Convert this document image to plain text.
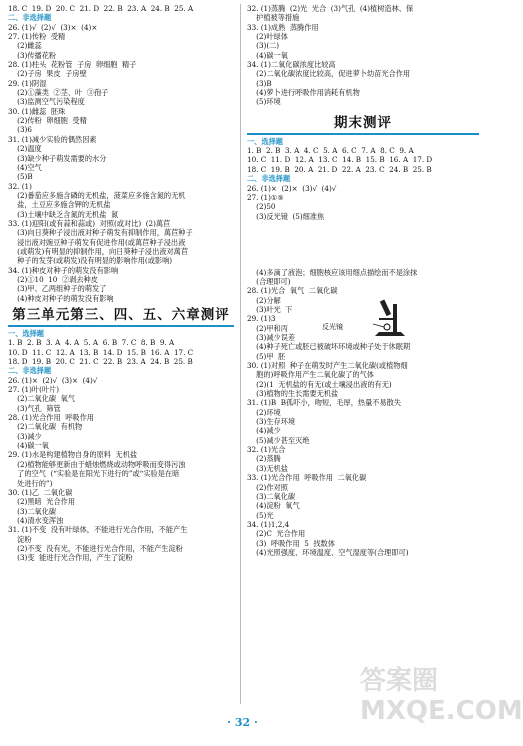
18. C  19. D  20. C  21. D  22. B  23. A  24. B  25. A
二、非选择题
26. (1)√  (2)√  (3)×  (4)×
27. (1)传粉  受精
(2)雌蕊
(3)传播花粉
28. (1)柱头  花粉管  子房  卵细胞  精子
(2)子房  果皮  子房壁
29. (1)阴湿
(2)①藻类  ②茎、叶  ③孢子
(3)监测空气污染程度
30. (1)雌蕊  胚珠
(2)传粉  卵细胞  受精
(3)6
31. (1)减少实验的偶然因素
(2)温度
(3)缺少种子萌发需要的水分
(4)空气
(5)B
32. (1)
(2)番茄应多施含磷的无机盐，菠菜应多施含氮的无机
盐，土豆应多施含钾的无机盐
(3)土壤中缺乏含氮的无机盐  氮
33. (1)迎阳(或有蒜和蒜或)  对照(或对比)  (2)萬苣
(3)向日葵种子浸出液对种子萌发有抑制作用，萬苣种子
浸出液对豌豆种子萌发有促进作用(或萬苣种子浸出液
(或萌发)有明显的抑制作用，向日葵种子浸出液对萬苣
种子的发芽(或萌发)没有明显的影响作用(或影响)
34. (1)种皮对种子的萌发没有影响
(2)①10  10  ②剥去种皮
(3)甲、乙两组种子的萌发了
(4)种皮对种子的萌发没有影响
第三单元第三、四、五、六章测评
一、选择题
1. B  2. B  3. A  4. A  5. A  6. B  7. C  8. B  9. A
10. D  11. C  12. A  13. B  14. D  15. B  16. A  17. C
18. D  19. B  20. C  21. C  22. B  23. A  24. B  25. B
二、非选择题
26. (1)×  (2)√  (3)×  (4)√
27. (1)叶(叶片)
(2)二氧化碳  氧气
(3)气孔  筛管
28. (1)光合作用  呼吸作用
(2)二氧化碳  有机物
(3)减少
(4)碳一氧
29. (1)水是构建植物自身的原料  无机盐
(2)植物能够更新由于蜡烛燃烧或动物呼吸而变得污浊
了的空气  (“实验是在阳光下进行的”或“实验是在暗
处进行的”)
30. (1)乙  二氧化碳
(2)黑暗  光合作用
(3)二氧化碳
(4)清水变浑浊
31. (1)不变  没有叶绿体，不能进行光合作用，不能产生
淀粉
(2)不变  没有光，不能进行光合作用，不能产生淀粉
(3)变  能进行光合作用，产生了淀粉
32. (1)蒸腾  (2)光  光合  (3)气孔  (4)植树造林、保
护植被等措施
33. (1)成熟  蒸腾作用
(2)叶绿体
(3)(二)
(4)碳一氧
34. (1)二氧化碳浓度比较高
(2)二氧化碳浓度比较高，促进萝卜幼苗光合作用
(3)B
(4)萝卜进行呼吸作用消耗有机物
(5)环境
期末测评
一、选择题
1. B  2. B  3. A  4. C  5. A  6. C  7. A  8. C  9. A
10. C  11. D  12. A  13. C  14. B  15. B  16. A  17. D
18. C  19. B  20. A  21. D  22. A  23. C  24. B  25. B
二、非选择题
26. (1)×  (2)×  (3)√  (4)√
27. (1)①⑤
(2)50
(3)反光镜  (5)细准焦

(4)多滴了液泡；细胞核应该用细点描绘而不是涂抹
(合理即可)
28. (1)光合  氧气  二氧化碳
(2)分解
(3)叶光  下
29. (1)3
(2)甲和丙
(3)减少误差
(4)种子死亡或胚已被破坏环境或种子处于休眠期
(5)甲  胚
30. (1)对照  种子在萌发时产生二氧化碳(或植物细
胞的)呼吸作用产生二氧化碳了的气体
(2)(1  无机盐的有无(或土壤浸出液的有无)
(3)植物的生长需要无机盐
31. (1)B  B孤吓小，吻短，毛厚，热量不易散失
(2)环境
(3)生存环境
(4)减少
(5)减少甚至灭绝
32. (1)光合
(2)蒸腾
(3)无机盐
33. (1)光合作用  呼吸作用  二氧化碳
(2)作对照
(3)二氧化碳
(4)淀粉  氧气
(5)光
34. (1)1,2,4
(2)C  光合作用
(3)  呼吸作用  5  找数体
(4)光照强度、环境温度、空气湿度等(合理即可)
反光镜
· 32 ·
答案圈
MXQE.COM
